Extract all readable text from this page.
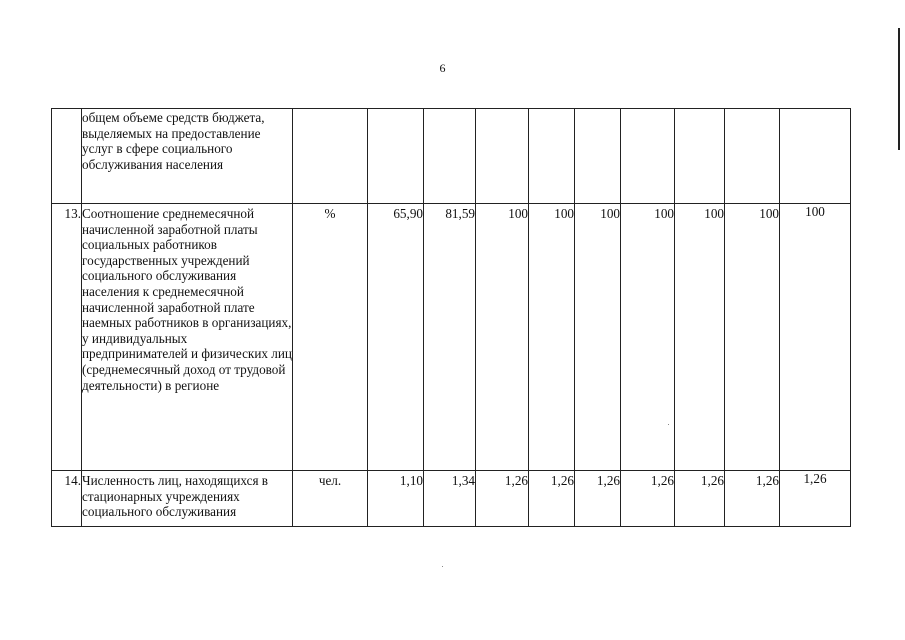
6
	общем объеме средств бюджета, выделяемых на предоставление услуг в сфере социального обслуживания населения										
13.	Соотношение среднемесячной начисленной заработной платы социальных работников государственных учреждений социального обслуживания населения к среднемесячной начисленной заработной плате наемных работников в организациях, у индивидуальных предпринимателей и физических лиц (среднемесячный доход от трудовой деятельности) в регионе	%	65,90	81,59	100	100	100	100	100	100	100
14.	Численность лиц, находящихся в стационарных учреждениях социального обслуживания	чел.	1,10	1,34	1,26	1,26	1,26	1,26	1,26	1,26	1,26
